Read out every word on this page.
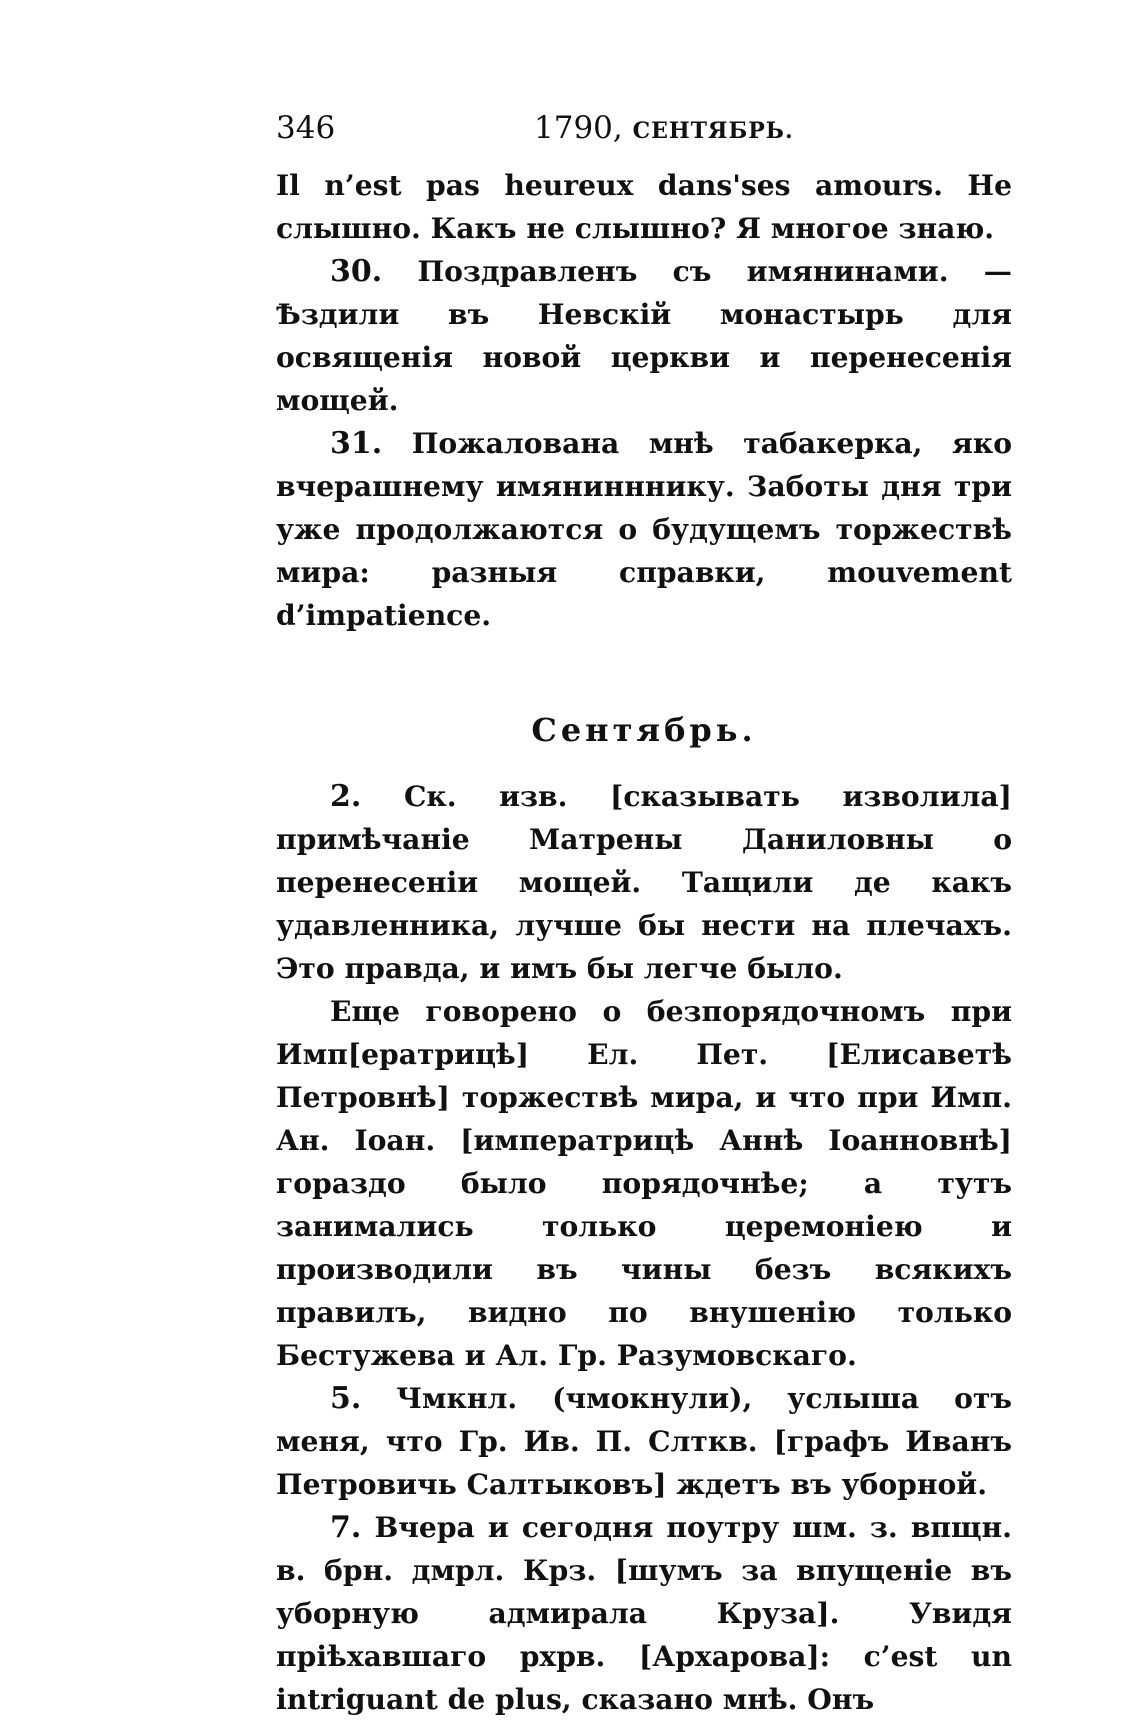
346	1790, СЕНТЯБРЬ.

Il n’est pas heureux dans'ses amours. Не слышно. Какъ не слышно? Я многое знаю.

30. Поздравленъ съ имянинами. — Ѣздили въ Невскій монастырь для освященія новой церкви и перенесенія мощей.

31. Пожалована мнѣ табакерка, яко вчерашнему имянинннику. Заботы дня три уже продолжаются о будущемъ торжествѣ мира: разныя справки, mouvement d’impatience.

Сентябрь.

2. Ск. изв. [сказывать изволила] примѣчаніе Матрены Даниловны о перенесеніи мощей. Тащили де какъ удавленника, лучше бы нести на плечахъ. Это правда, и имъ бы легче было.

Еще говорено о безпорядочномъ при Имп[ератрицѣ] Ел. Пет. [Елисаветѣ Петровнѣ] торжествѣ мира, и что при Имп. Ан. Іоан. [императрицѣ Аннѣ Іоанновнѣ] гораздо было порядочнѣе; а тутъ занимались только церемоніею и производили въ чины безъ всякихъ правилъ, видно по внушенію только Бестужева и Ал. Гр. Разумовскаго.

5. Чмкнл. (чмокнули), услыша отъ меня, что Гр. Ив. П. Слткв. [графъ Иванъ Петровичь Салтыковъ] ждетъ въ уборной.

7. Вчера и сегодня поутру шм. з. впщн. в. брн. дмрл. Крз. [шумъ за впущеніе въ уборную адмирала Круза]. Увидя пріѣхавшаго рхрв. [Архарова]: c’est un intriguant de plus, сказано мнѣ. Онъ
